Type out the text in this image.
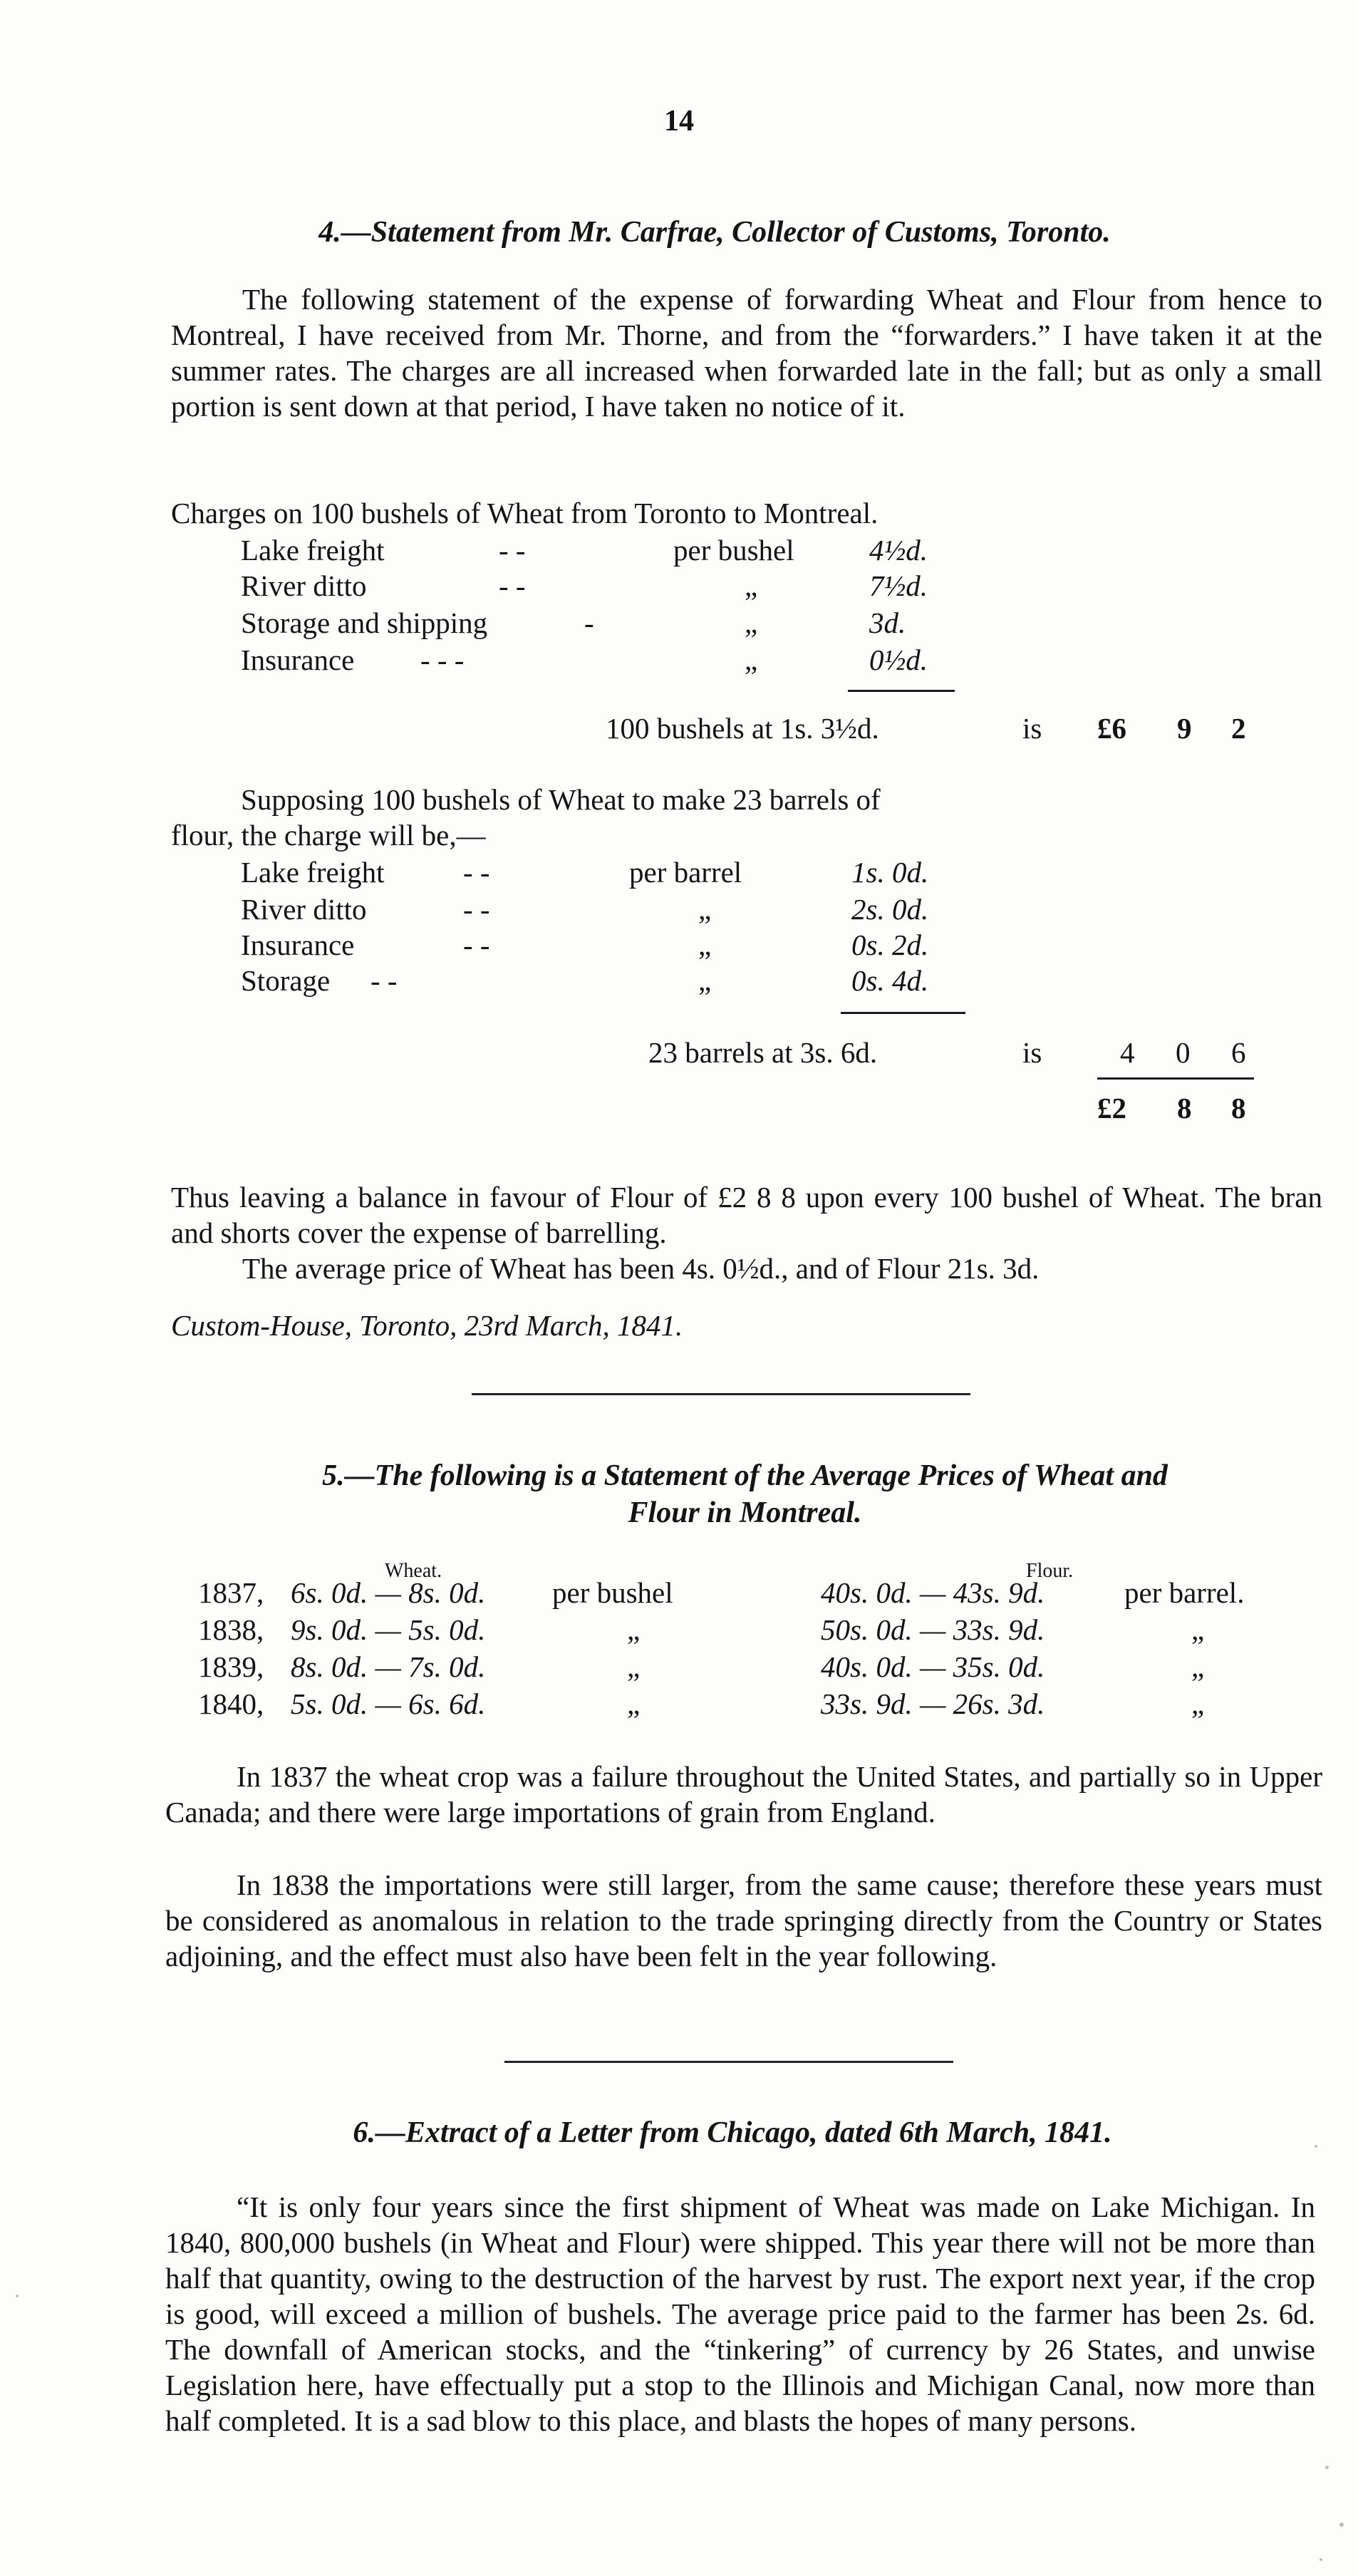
14
4.—Statement from Mr. Carfrae, Collector of Customs, Toronto.
The following statement of the expense of forwarding Wheat and Flour from hence to Montreal, I have received from Mr. Thorne, and from the “forwarders.” I have taken it at the summer rates. The charges are all increased when forwarded late in the fall; but as only a small portion is sent down at that period, I have taken no notice of it.
Charges on 100 bushels of Wheat from Toronto to Montreal.
Lake freight	- -	per bushel	4½d.
River ditto	- -	„	7½d.
Storage and shipping	-	„	3d.
Insurance - - -	„	0½d.
100 bushels at 1s. 3½d.	is £6 9 2
Supposing 100 bushels of Wheat to make 23 barrels of
flour, the charge will be,—
Lake freight	- -	per barrel	1s. 0d.
River ditto	- -	„	2s. 0d.
Insurance	- -	„	0s. 2d.
Storage - -	„	0s. 4d.
23 barrels at 3s. 6d.	is	4 0 6
£2 8 8
Thus leaving a balance in favour of Flour of £2 8 8 upon every 100 bushel of Wheat. The bran and shorts cover the expense of barrelling.
The average price of Wheat has been 4s. 0½d., and of Flour 21s. 3d.
Custom-House, Toronto, 23rd March, 1841.
5.—The following is a Statement of the Average Prices of Wheat and
Flour in Montreal.
Wheat.	Flour.
1837, 6s. 0d. — 8s. 0d. per bushel	40s. 0d. — 43s. 9d.	per barrel.
1838, 9s. 0d. — 5s. 0d.	„	50s. 0d. — 33s. 9d.	„
1839, 8s. 0d. — 7s. 0d.	„	40s. 0d. — 35s. 0d.	„
1840, 5s. 0d. — 6s. 6d.	„	33s. 9d. — 26s. 3d.	„
In 1837 the wheat crop was a failure throughout the United States, and partially so in Upper Canada; and there were large importations of grain from England.
In 1838 the importations were still larger, from the same cause; therefore these years must be considered as anomalous in relation to the trade springing directly from the Country or States adjoining, and the effect must also have been felt in the year following.
6.—Extract of a Letter from Chicago, dated 6th March, 1841.
“It is only four years since the first shipment of Wheat was made on Lake Michigan. In 1840, 800,000 bushels (in Wheat and Flour) were shipped. This year there will not be more than half that quantity, owing to the destruction of the harvest by rust. The export next year, if the crop is good, will exceed a million of bushels. The average price paid to the farmer has been 2s. 6d. The downfall of American stocks, and the “tinkering” of currency by 26 States, and unwise Legislation here, have effectually put a stop to the Illinois and Michigan Canal, now more than half completed. It is a sad blow to this place, and blasts the hopes of many persons.
